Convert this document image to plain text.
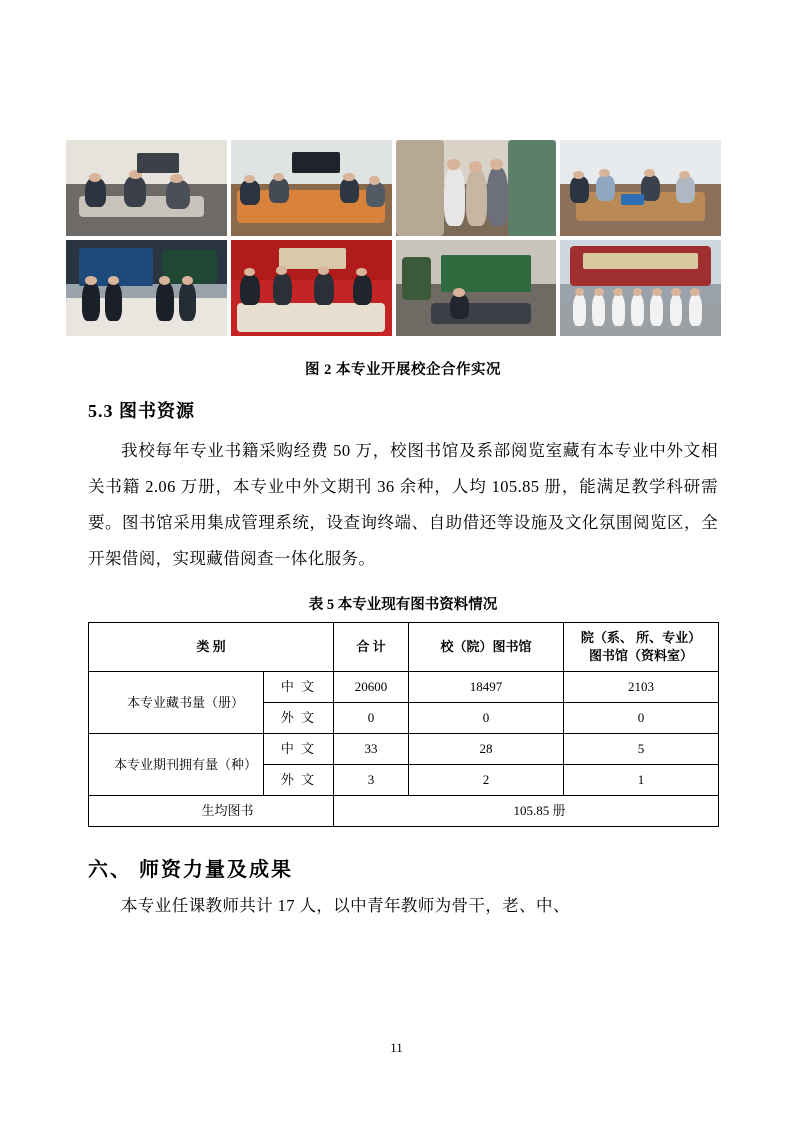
图 2 本专业开展校企合作实况
5.3 图书资源

我校每年专业书籍采购经费 50 万，校图书馆及系部阅览室藏有本专业中外文相关书籍 2.06 万册，本专业中外文期刊 36 余种，人均 105.85 册，能满足教学科研需要。图书馆采用集成管理系统，设查询终端、自助借还等设施及文化氛围阅览区，全开架借阅，实现藏借阅查一体化服务。

表 5 本专业现有图书资料情况
类 别		合 计	校（院）图书馆	院（系、 所、专业）
图书馆（资料室）
本专业藏书量（册）	中 文	20600	18497	2103
	外 文	0	0	0
本专业期刊拥有量（种）	中 文	33	28	5
	外 文	3	2	1
生均图书		105.85 册		
六、 师资力量及成果

本专业任课教师共计 17 人，以中青年教师为骨干，老、中、

11
